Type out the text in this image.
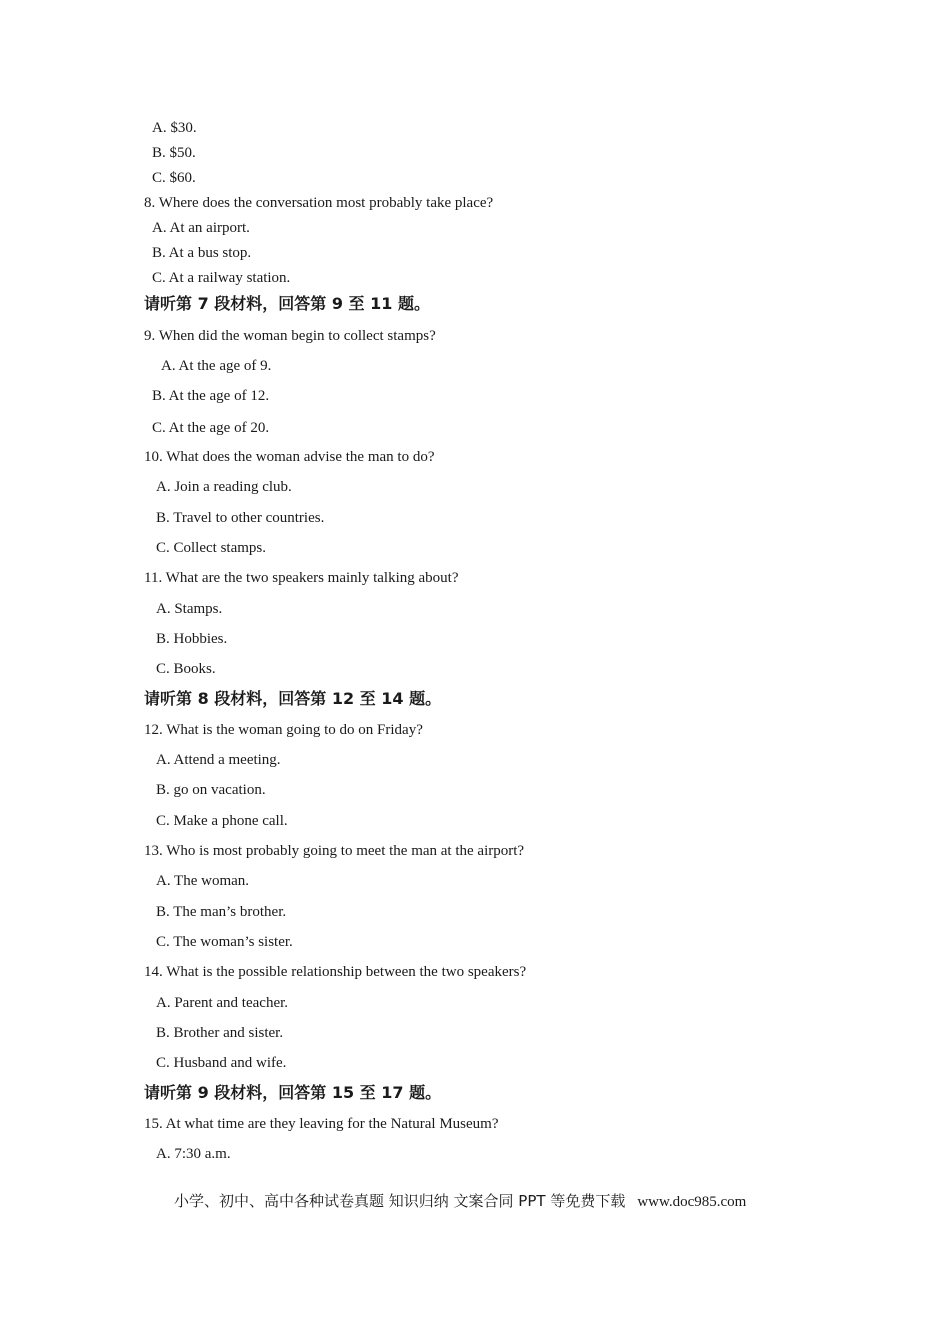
A. $30.
B. $50.
C. $60.
8. Where does the conversation most probably take place?
A. At an airport.
B. At a bus stop.
C. At a railway station.
请听第 7 段材料，回答第 9 至 11 题。
9. When did the woman begin to collect stamps?
A. At the age of 9.
B. At the age of 12.
C. At the age of 20.
10. What does the woman advise the man to do?
A. Join a reading club.
B. Travel to other countries.
C. Collect stamps.
11. What are the two speakers mainly talking about?
A. Stamps.
B. Hobbies.
C. Books.
请听第 8 段材料，回答第 12 至 14 题。
12. What is the woman going to do on Friday?
A. Attend a meeting.
B. go on vacation.
C. Make a phone call.
13. Who is most probably going to meet the man at the airport?
A. The woman.
B. The man’s brother.
C. The woman’s sister.
14. What is the possible relationship between the two speakers?
A. Parent and teacher.
B. Brother and sister.
C. Husband and wife.
请听第 9 段材料，回答第 15 至 17 题。
15. At what time are they leaving for the Natural Museum?
A. 7:30 a.m.
小学、初中、高中各种试卷真题 知识归纳 文案合同 PPT 等免费下载 www.doc985.com
